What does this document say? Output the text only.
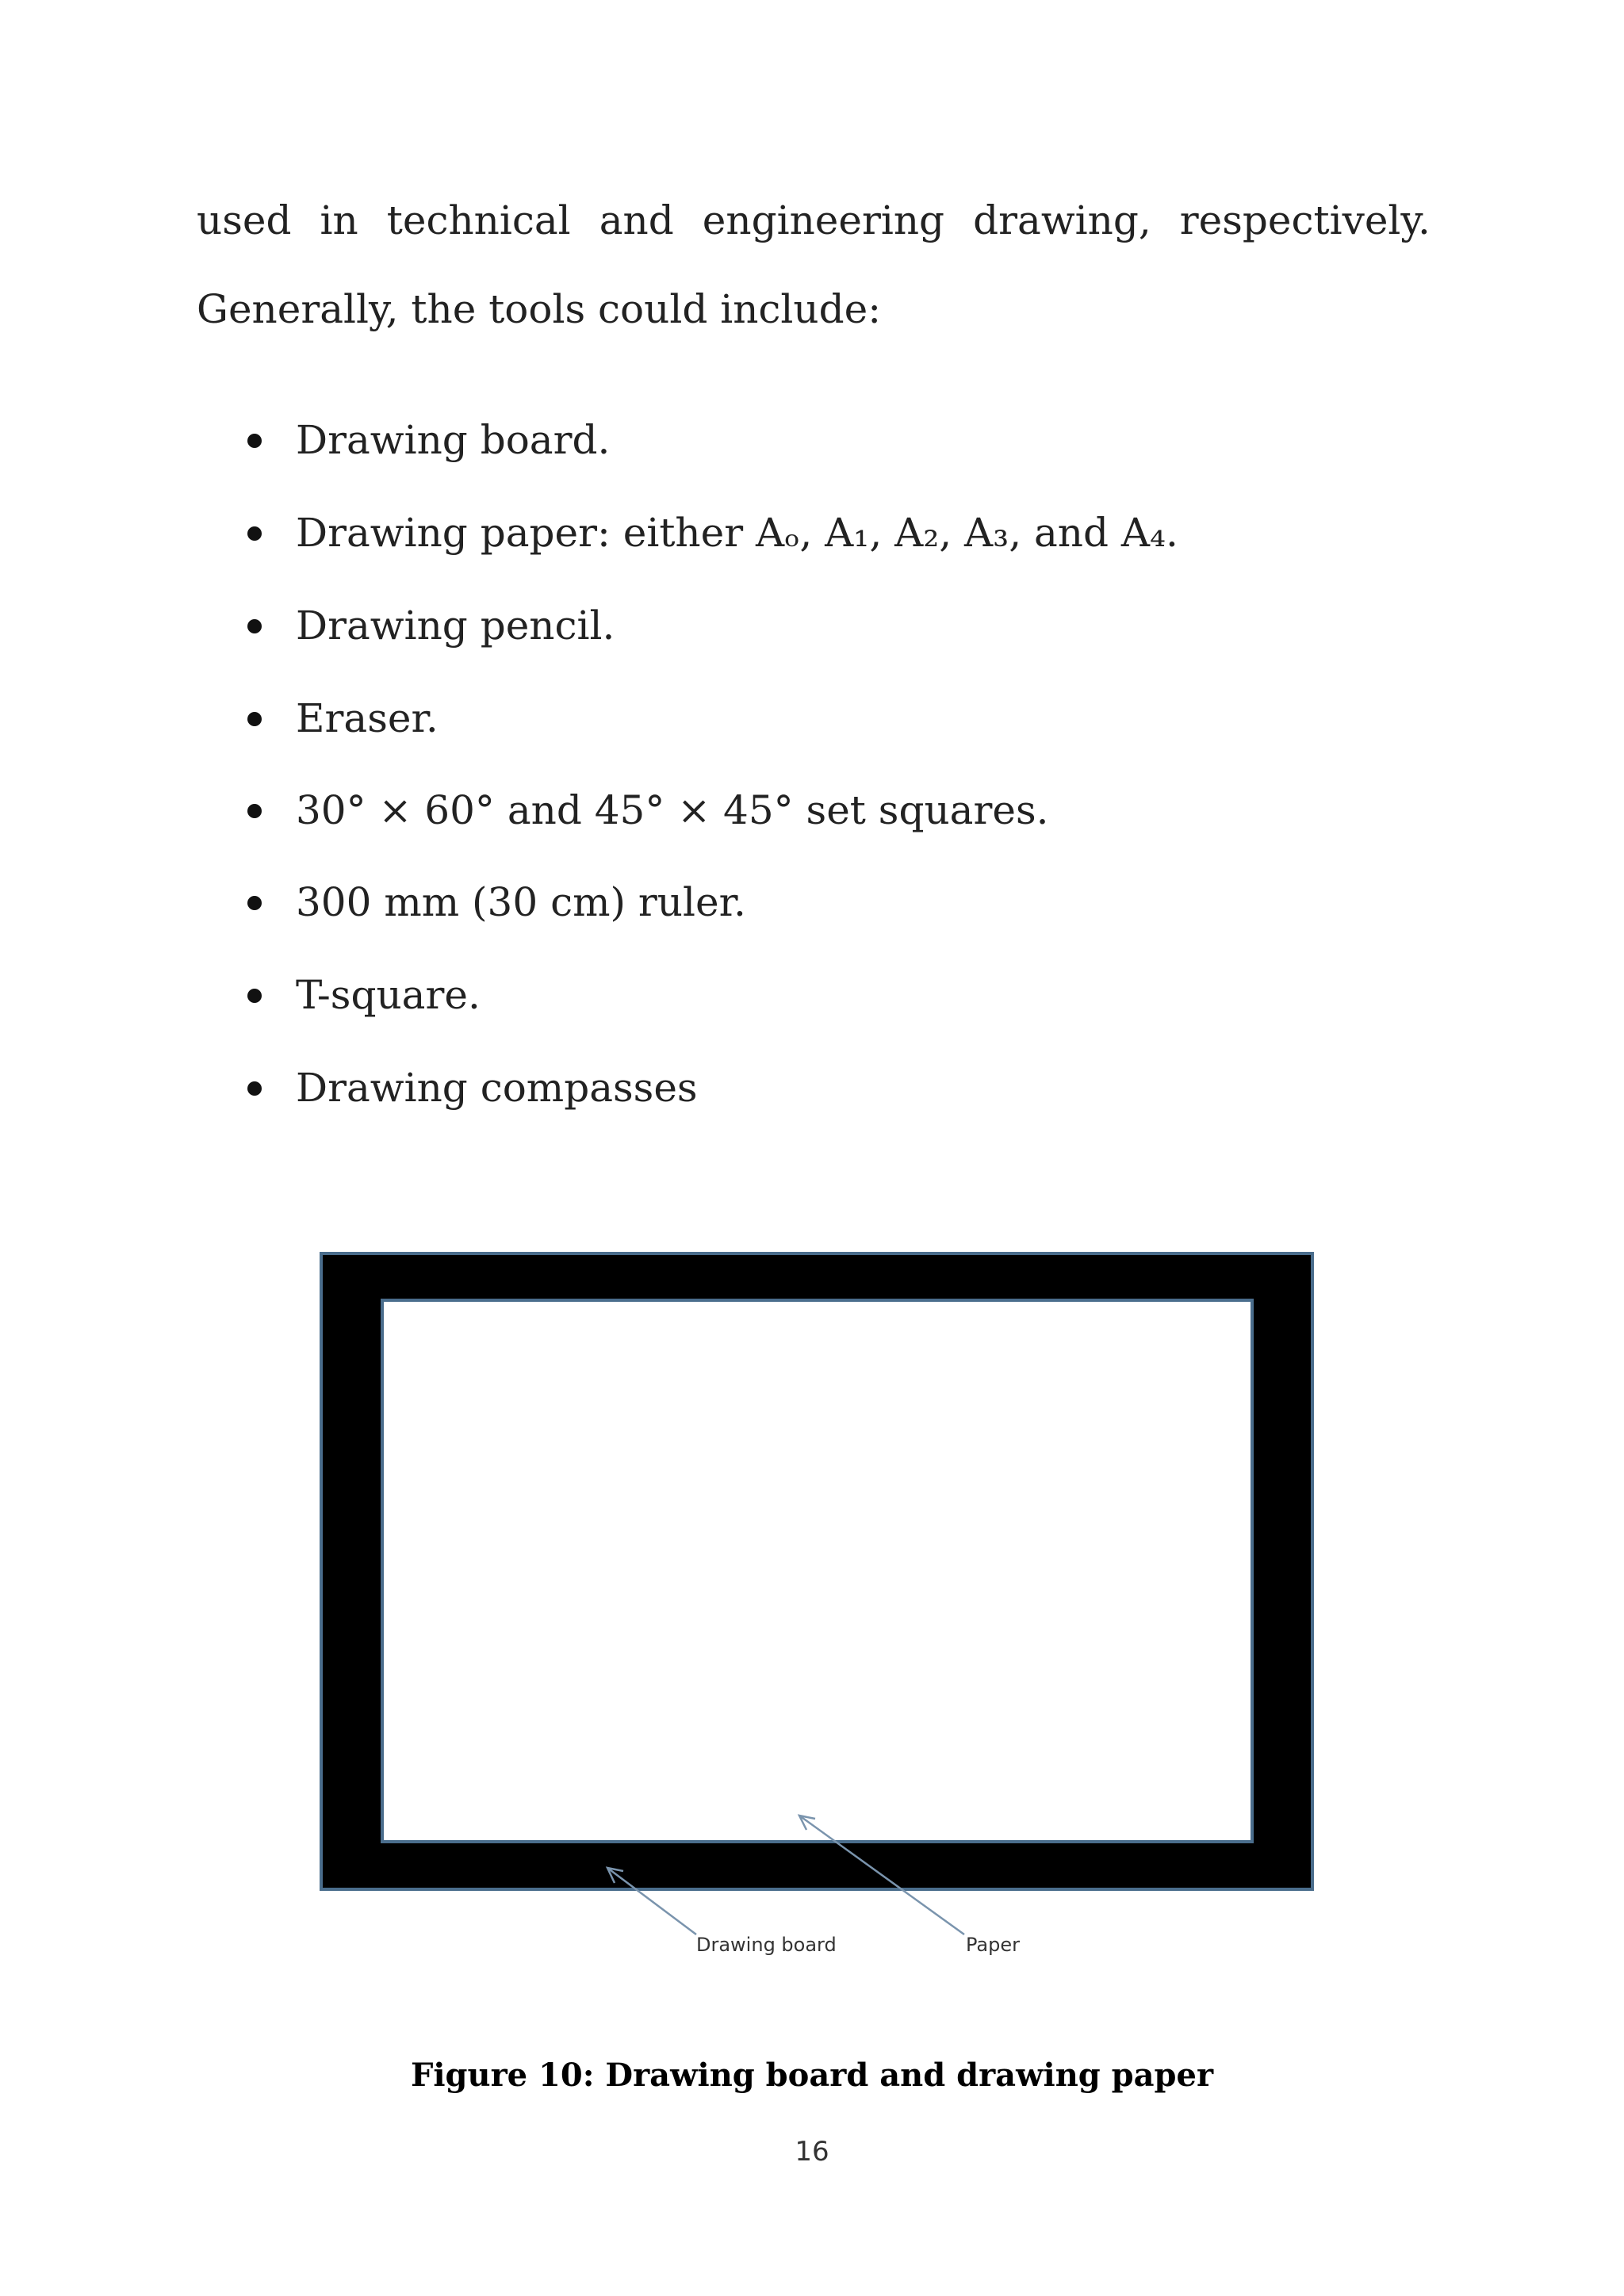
used in technical and engineering drawing, respectively.

Generally, the tools could include:

Drawing board.
Drawing paper: either Aₒ, A₁, A₂, A₃, and A₄.
Drawing pencil.
Eraser.
30° × 60° and 45° × 45° set squares.
300 mm (30 cm) ruler.
T-square.
Drawing compasses
Drawing board	Paper
Figure 10: Drawing board and drawing paper
16
